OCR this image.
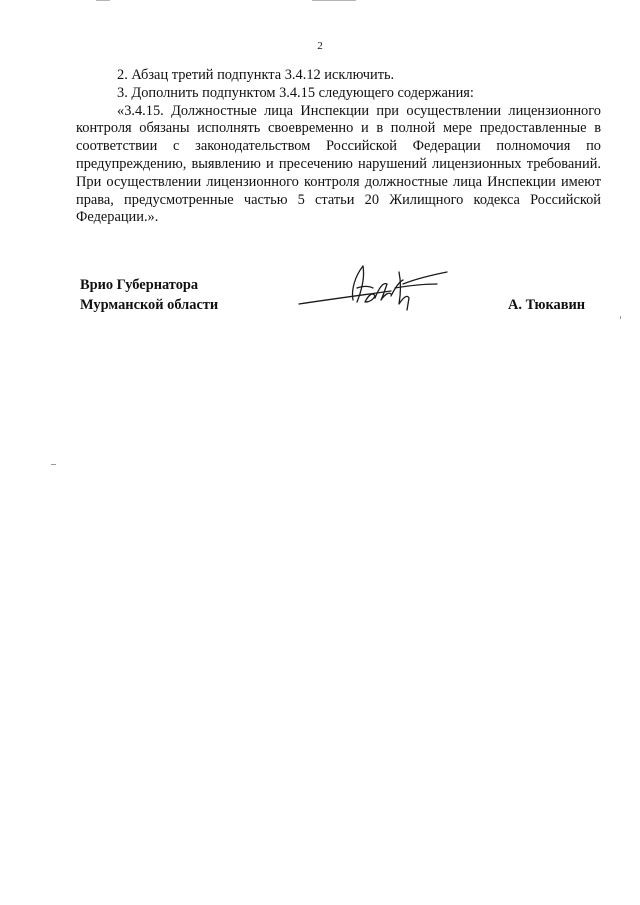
2

2. Абзац третий подпункта 3.4.12 исключить.

3. Дополнить подпунктом 3.4.15 следующего содержания:

«3.4.15. Должностные лица Инспекции при осуществлении лицензионного контроля обязаны исполнять своевременно и в полной мере предоставленные в соответствии с законодательством Российской Федерации полномочия по предупреждению, выявлению и пресечению нарушений лицензионных требований. При осуществлении лицензионного контроля должностные лица Инспекции имеют права, предусмотренные частью 5 статьи 20 Жилищного кодекса Российской Федерации.».

Врио Губернатора
Мурманской области	А. Тюкавин
